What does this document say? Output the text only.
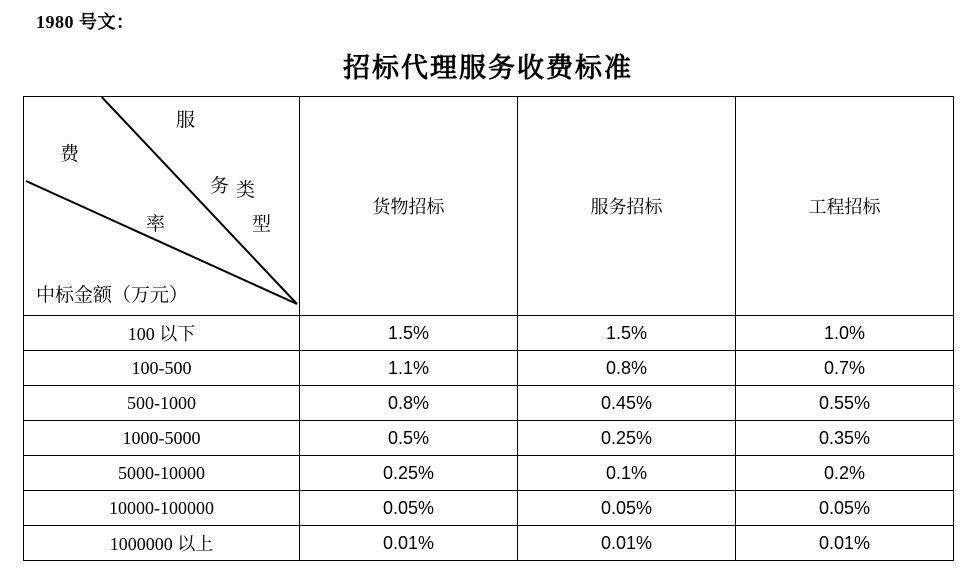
1980 号文：
招标代理服务收费标准
费
率
服
务 类
型
中标金额（万元）
	货物招标	服务招标	工程招标
100 以下	1.5%	1.5%	1.0%
100-500	1.1%	0.8%	0.7%
500-1000	0.8%	0.45%	0.55%
1000-5000	0.5%	0.25%	0.35%
5000-10000	0.25%	0.1%	0.2%
10000-100000	0.05%	0.05%	0.05%
1000000 以上	0.01%	0.01%	0.01%
